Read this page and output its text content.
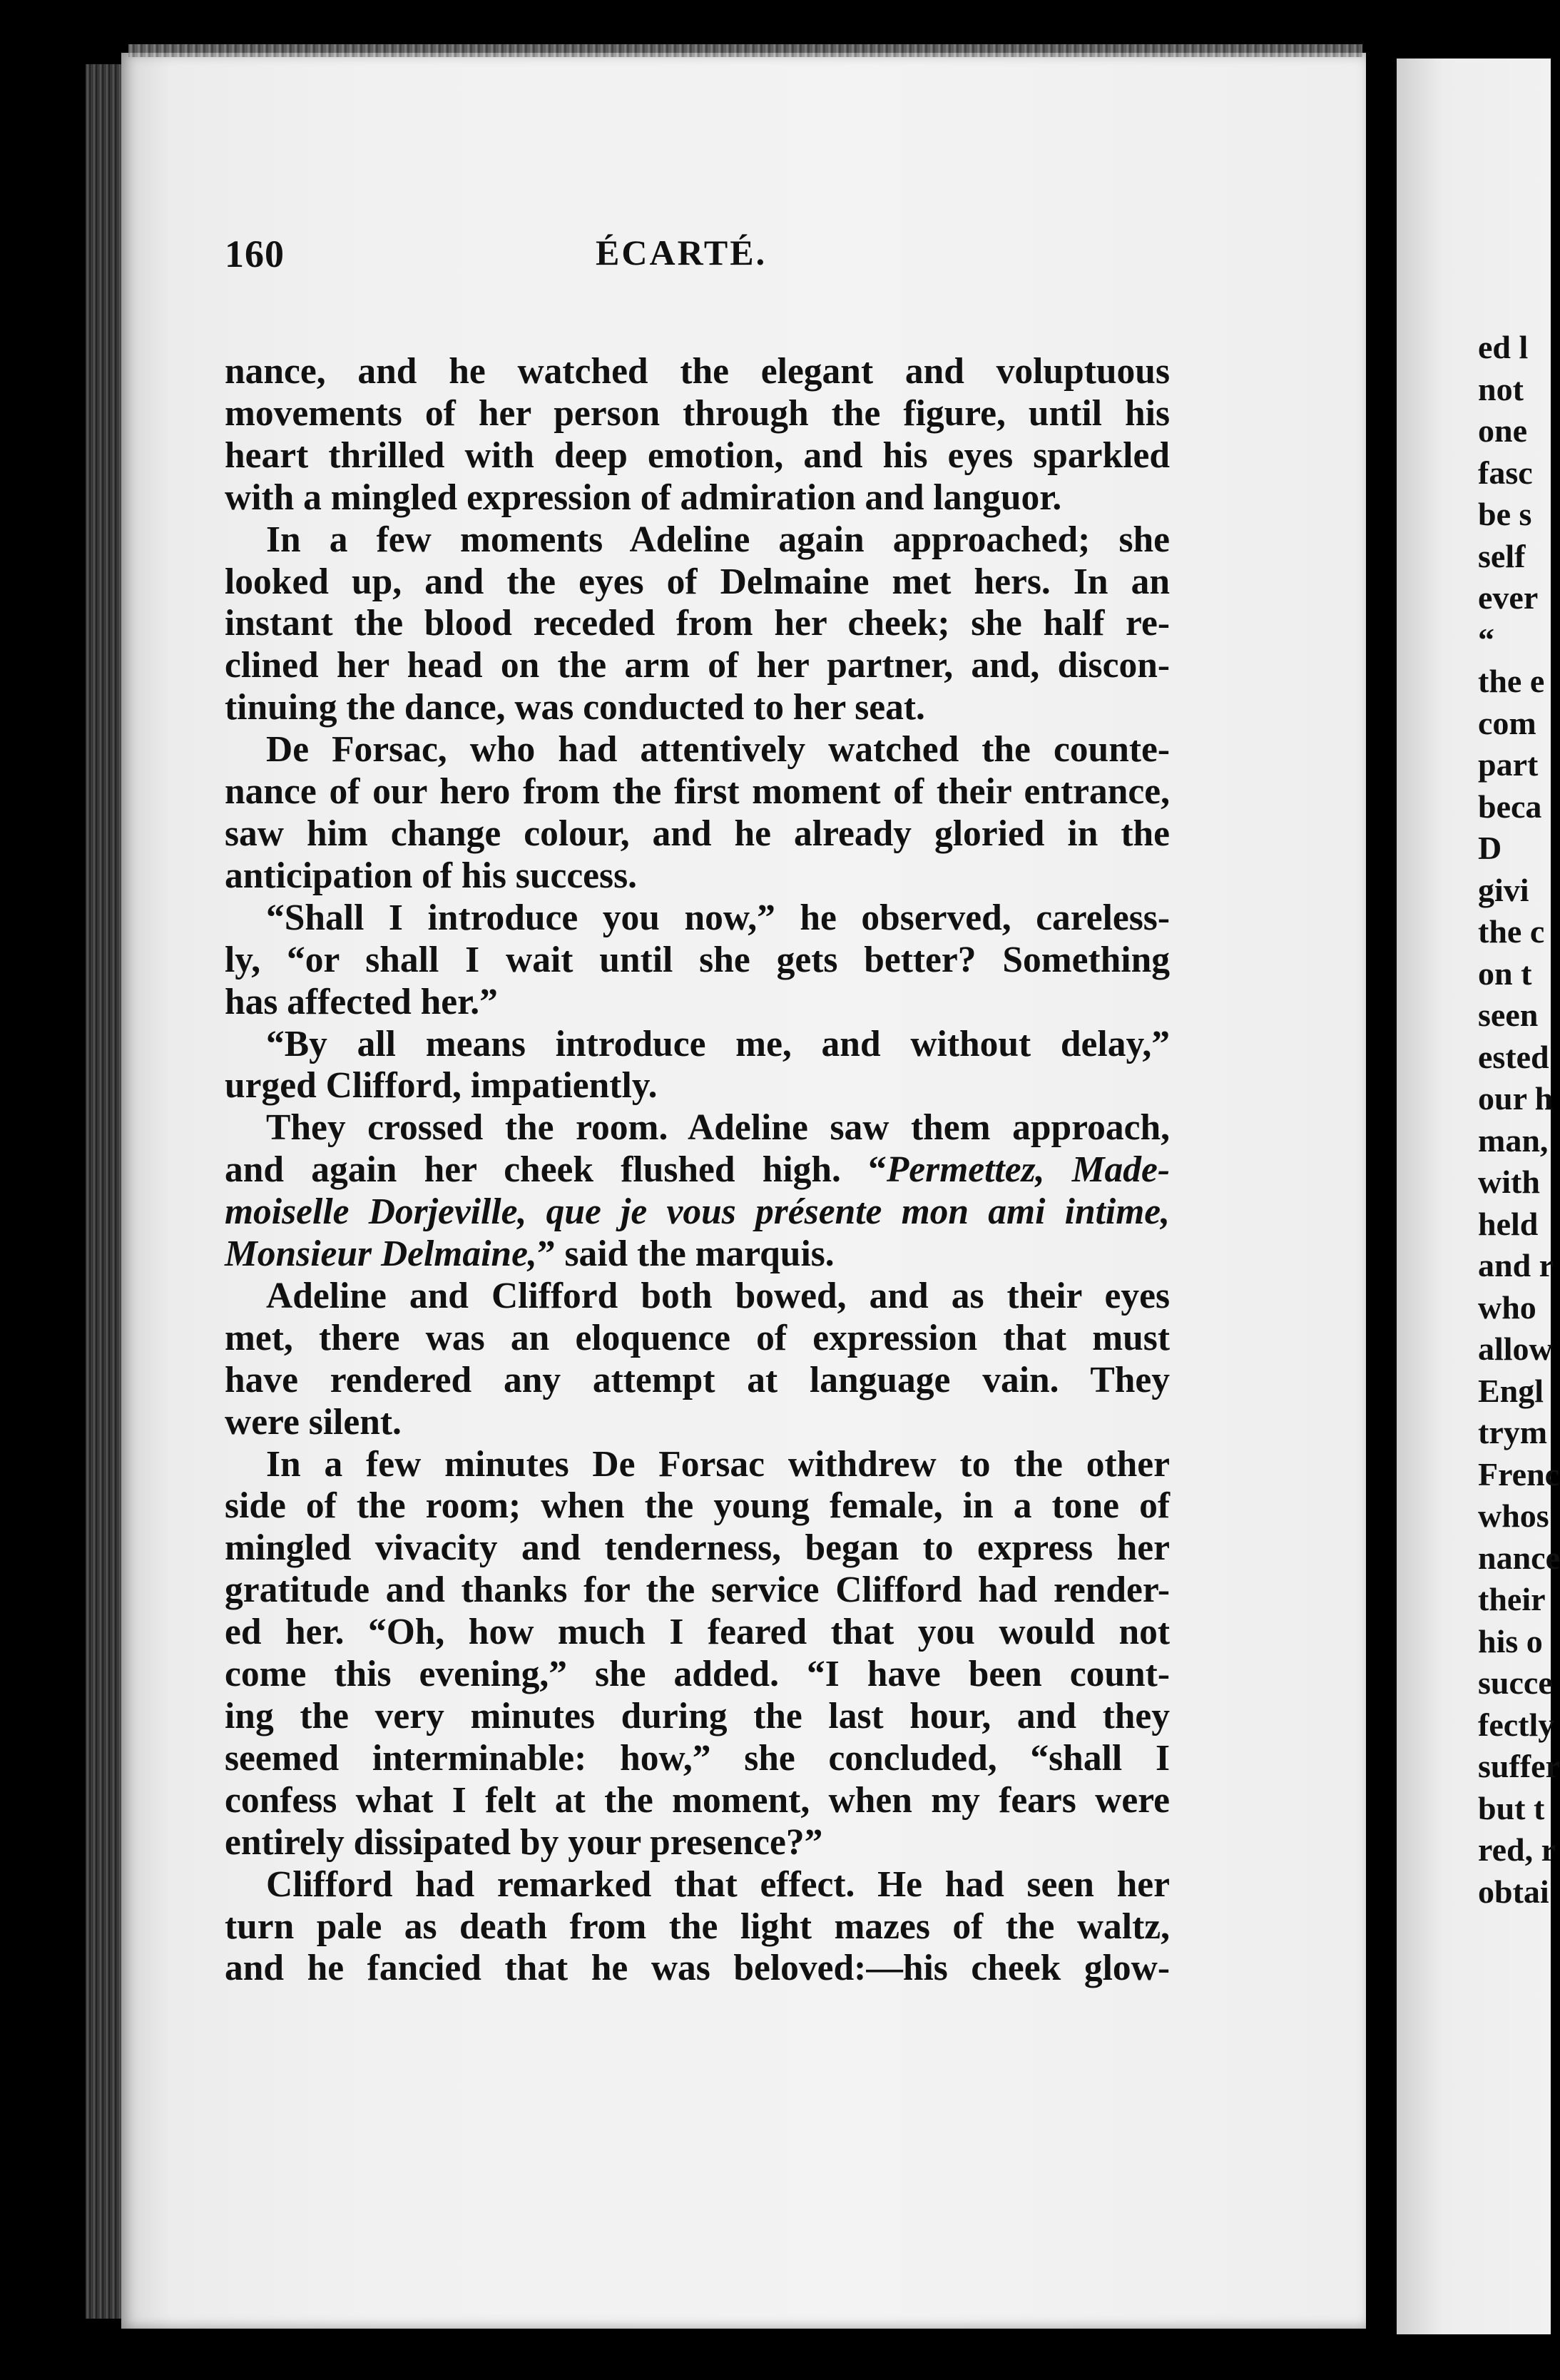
160	ÉCARTÉ.
nance, and he watched the elegant and voluptuous
movements of her person through the figure, until his
heart thrilled with deep emotion, and his eyes sparkled
with a mingled expression of admiration and languor.
In a few moments Adeline again approached; she
looked up, and the eyes of Delmaine met hers. In an
instant the blood receded from her cheek; she half re-
clined her head on the arm of her partner, and, discon-
tinuing the dance, was conducted to her seat.
De Forsac, who had attentively watched the counte-
nance of our hero from the first moment of their entrance,
saw him change colour, and he already gloried in the
anticipation of his success.
“Shall I introduce you now,” he observed, careless-
ly, “or shall I wait until she gets better? Something
has affected her.”
“By all means introduce me, and without delay,”
urged Clifford, impatiently.
They crossed the room. Adeline saw them approach,
and again her cheek flushed high. “Permettez, Made-
moiselle Dorjeville, que je vous présente mon ami intime,
Monsieur Delmaine,” said the marquis.
Adeline and Clifford both bowed, and as their eyes
met, there was an eloquence of expression that must
have rendered any attempt at language vain. They
were silent.
In a few minutes De Forsac withdrew to the other
side of the room; when the young female, in a tone of
mingled vivacity and tenderness, began to express her
gratitude and thanks for the service Clifford had render-
ed her. “Oh, how much I feared that you would not
come this evening,” she added. “I have been count-
ing the very minutes during the last hour, and they
seemed interminable: how,” she concluded, “shall I
confess what I felt at the moment, when my fears were
entirely dissipated by your presence?”
Clifford had remarked that effect. He had seen her
turn pale as death from the light mazes of the waltz,
and he fancied that he was beloved:—his cheek glow-
ed l
not
one
fasc
be s
self
ever
“
the e
com
part
beca
D
givi
the c
on t
seen
ested
our h
man,
with
held
and r
who
allow
Engl
trym
Frenc
whos
nance
their
his o
succe
fectly
suffer
but t
red, r
obtai
